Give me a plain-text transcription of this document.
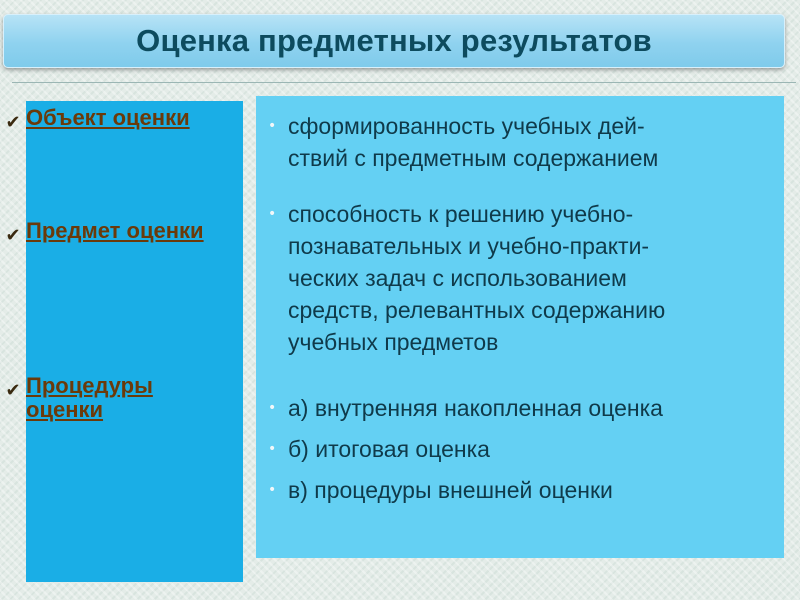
Оценка предметных результатов
✔ Объект оценки
✔ Предмет оценки
✔ Процедуры оценки
• сформированность учебных дей-
ствий с предметным содержанием
• способность к решению учебно-
познавательных и учебно-практи-
ческих задач с использованием
средств, релевантных содержанию
учебных предметов
• а) внутренняя накопленная оценка
• б) итоговая оценка
• в) процедуры внешней оценки
